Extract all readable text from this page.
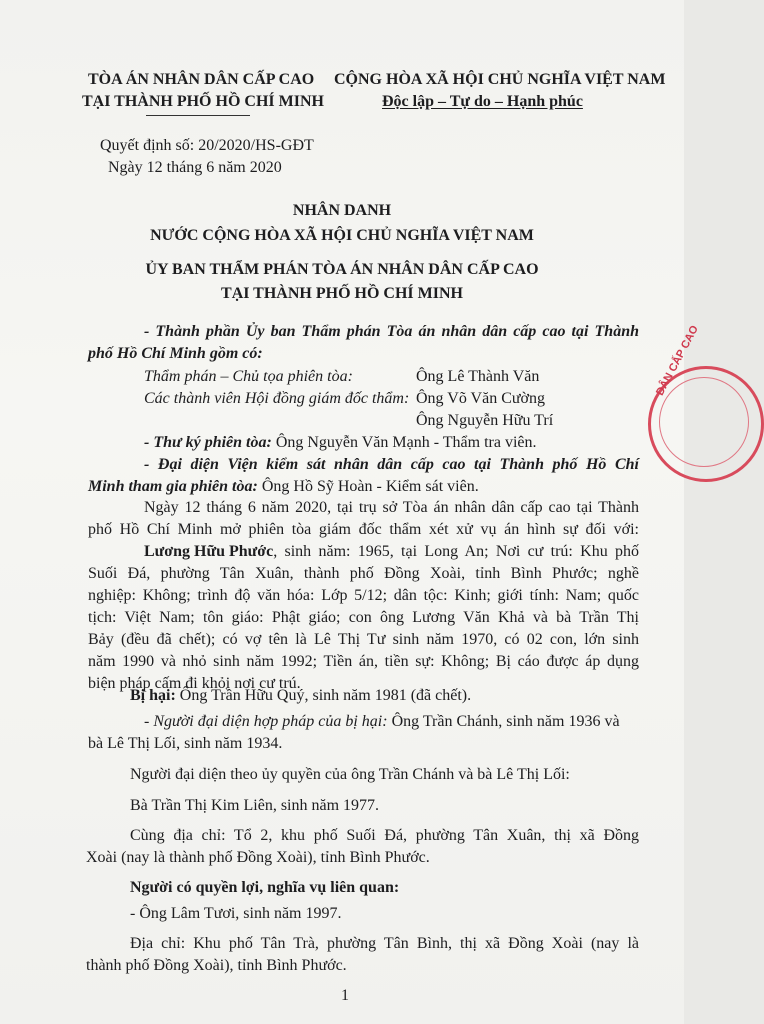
TÒA ÁN NHÂN DÂN CẤP CAO
TẠI THÀNH PHỐ HỒ CHÍ MINH
CỘNG HÒA XÃ HỘI CHỦ NGHĨA VIỆT NAM
Độc lập – Tự do – Hạnh phúc
Quyết định số: 20/2020/HS-GĐT
Ngày 12 tháng 6 năm 2020
NHÂN DANH
NƯỚC CỘNG HÒA XÃ HỘI CHỦ NGHĨA VIỆT NAM
ỦY BAN THẨM PHÁN TÒA ÁN NHÂN DÂN CẤP CAO
TẠI THÀNH PHỐ HỒ CHÍ MINH
- Thành phần Ủy ban Thẩm phán Tòa án nhân dân cấp cao tại Thành
phố Hồ Chí Minh gồm có:
Thẩm phán – Chủ tọa phiên tòa:	Ông Lê Thành Văn
Các thành viên Hội đồng giám đốc thẩm: Ông Võ Văn Cường
Ông Nguyễn Hữu Trí
- Thư ký phiên tòa: Ông Nguyễn Văn Mạnh - Thẩm tra viên.
- Đại diện Viện kiểm sát nhân dân cấp cao tại Thành phố Hồ Chí
Minh tham gia phiên tòa: Ông Hồ Sỹ Hoàn - Kiểm sát viên.
Ngày 12 tháng 6 năm 2020, tại trụ sở Tòa án nhân dân cấp cao tại Thành
phố Hồ Chí Minh mở phiên tòa giám đốc thẩm xét xử vụ án hình sự đối với:
Lương Hữu Phước , sinh năm: 1965, tại Long An; Nơi cư trú: Khu phố
Suối Đá, phường Tân Xuân, thành phố Đồng Xoài, tỉnh Bình Phước; nghề
nghiệp: Không; trình độ văn hóa: Lớp 5/12; dân tộc: Kinh; giới tính: Nam; quốc
tịch: Việt Nam; tôn giáo: Phật giáo; con ông Lương Văn Khả và bà Trần Thị
Bảy (đều đã chết); có vợ tên là Lê Thị Tư sinh năm 1970, có 02 con, lớn sinh
năm 1990 và nhỏ sinh năm 1992; Tiền án, tiền sự: Không; Bị cáo được áp dụng
biện pháp cấm đi khỏi nơi cư trú.
Bị hại: Ông Trần Hữu Quý, sinh năm 1981 (đã chết).
- Người đại diện hợp pháp của bị hại: Ông Trần Chánh, sinh năm 1936 và
bà Lê Thị Lối, sinh năm 1934.
Người đại diện theo ủy quyền của ông Trần Chánh và bà Lê Thị Lối:
Bà Trần Thị Kim Liên, sinh năm 1977.
Cùng địa chỉ: Tổ 2, khu phố Suối Đá, phường Tân Xuân, thị xã Đồng
Xoài (nay là thành phố Đồng Xoài), tỉnh Bình Phước.
Người có quyền lợi, nghĩa vụ liên quan:
- Ông Lâm Tươi, sinh năm 1997.
Địa chỉ: Khu phố Tân Trà, phường Tân Bình, thị xã Đồng Xoài (nay là
thành phố Đồng Xoài), tỉnh Bình Phước.
1
DÂN CẤP CAO
